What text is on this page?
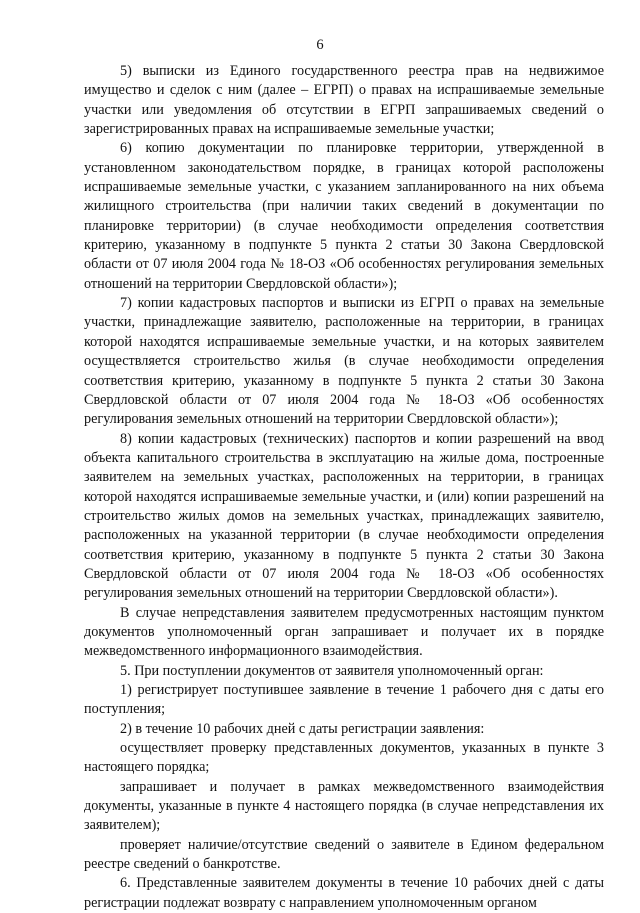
6

5) выписки из Единого государственного реестра прав на недвижимое имущество и сделок с ним (далее – ЕГРП) о правах на испрашиваемые земельные участки или уведомления об отсутствии в ЕГРП запрашиваемых сведений о зарегистрированных правах на испрашиваемые земельные участки;

6) копию документации по планировке территории, утвержденной в установленном законодательством порядке, в границах которой расположены испрашиваемые земельные участки, с указанием запланированного на них объема жилищного строительства (при наличии таких сведений в документации по планировке территории) (в случае необходимости определения соответствия критерию, указанному в подпункте 5 пункта 2 статьи 30 Закона Свердловской области от 07 июля 2004 года № 18-ОЗ «Об особенностях регулирования земельных отношений на территории Свердловской области»);

7) копии кадастровых паспортов и выписки из ЕГРП о правах на земельные участки, принадлежащие заявителю, расположенные на территории, в границах которой находятся испрашиваемые земельные участки, и на которых заявителем осуществляется строительство жилья (в случае необходимости определения соответствия критерию, указанному в подпункте 5 пункта 2 статьи 30 Закона Свердловской области от 07 июля 2004 года № 18-ОЗ «Об особенностях регулирования земельных отношений на территории Свердловской области»);

8) копии кадастровых (технических) паспортов и копии разрешений на ввод объекта капитального строительства в эксплуатацию на жилые дома, построенные заявителем на земельных участках, расположенных на территории, в границах которой находятся испрашиваемые земельные участки, и (или) копии разрешений на строительство жилых домов на земельных участках, принадлежащих заявителю, расположенных на указанной территории (в случае необходимости определения соответствия критерию, указанному в подпункте 5 пункта 2 статьи 30 Закона Свердловской области от 07 июля 2004 года № 18-ОЗ «Об особенностях регулирования земельных отношений на территории Свердловской области»).

В случае непредставления заявителем предусмотренных настоящим пунктом документов уполномоченный орган запрашивает и получает их в порядке межведомственного информационного взаимодействия.

5. При поступлении документов от заявителя уполномоченный орган:

1) регистрирует поступившее заявление в течение 1 рабочего дня с даты его поступления;

2) в течение 10 рабочих дней с даты регистрации заявления:

осуществляет проверку представленных документов, указанных в пункте 3 настоящего порядка;

запрашивает и получает в рамках межведомственного взаимодействия документы, указанные в пункте 4 настоящего порядка (в случае непредставления их заявителем);

проверяет наличие/отсутствие сведений о заявителе в Едином федеральном реестре сведений о банкротстве.

6. Представленные заявителем документы в течение 10 рабочих дней с даты регистрации подлежат возврату с направлением уполномоченным органом
